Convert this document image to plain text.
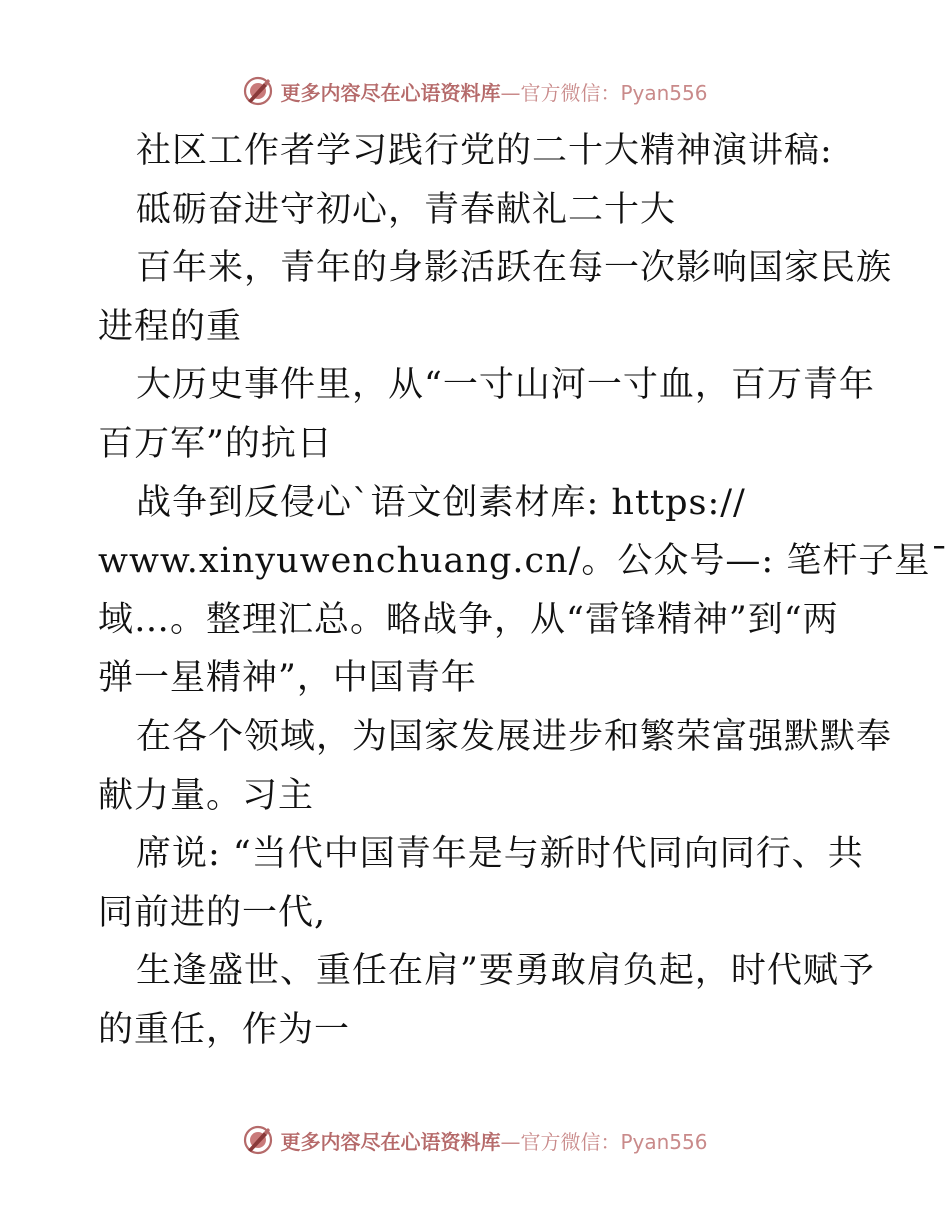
更多内容尽在心语资料库—官方微信：Pyan556
社区工作者学习践行党的二十大精神演讲稿:
砥砺奋进守初心，青春献礼二十大
百年来，青年的身影活跃在每一次影响国家民族
进程的重
大历史事件里，从“一寸山河一寸血，百万青年
百万军”的抗日
战争到反侵心`语文创素材库: https://
www.xinyuwenchuang.cn/。公众号—: 笔杆子星¯
域…。整理汇总。略战争，从“雷锋精神”到“两
弹一星精神”，中国青年
在各个领域，为国家发展进步和繁荣富强默默奉
献力量。习主
席说: “当代中国青年是与新时代同向同行、共
同前进的一代,
生逢盛世、重任在肩”要勇敢肩负起，时代赋予
的重任，作为一
更多内容尽在心语资料库—官方微信：Pyan556
